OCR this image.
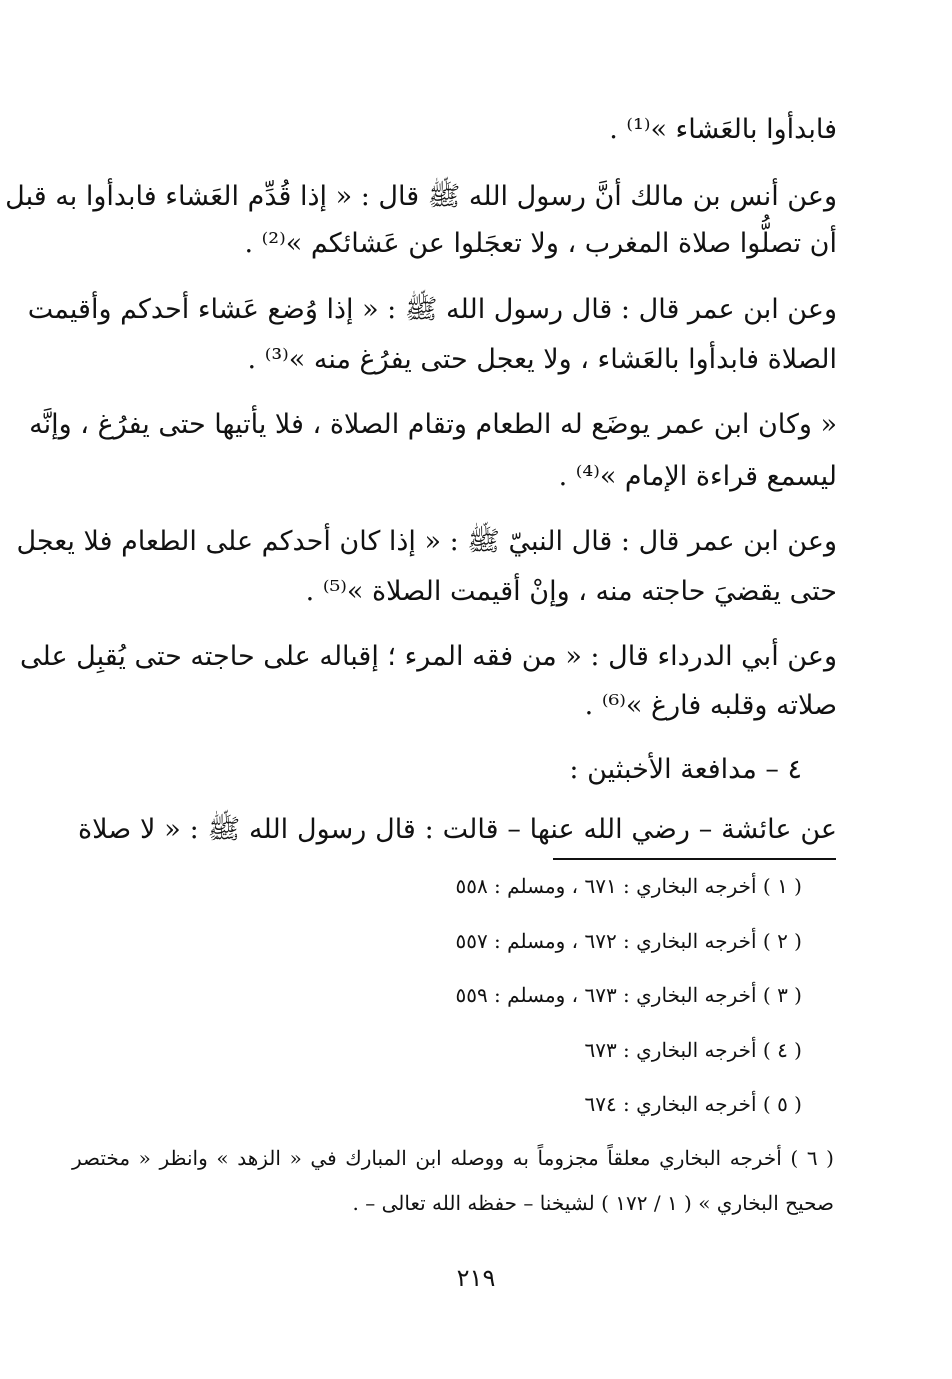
فابدأوا بالعَشاء »⁽¹⁾ .
وعن أنس بن مالك أنَّ رسول الله ﷺ قال : « إذا قُدِّم العَشاء فابدأوا به قبل
أن تصلُّوا صلاة المغرب ، ولا تعجَلوا عن عَشائكم »⁽²⁾ .
وعن ابن عمر قال : قال رسول الله ﷺ : « إذا وُضع عَشاء أحدكم وأقيمت
الصلاة فابدأوا بالعَشاء ، ولا يعجل حتى يفرُغ منه »⁽³⁾ .
« وكان ابن عمر يوضَع له الطعام وتقام الصلاة ، فلا يأتيها حتى يفرُغ ، وإنَّه
ليسمع قراءة الإمام »⁽⁴⁾ .
وعن ابن عمر قال : قال النبيّ ﷺ : « إذا كان أحدكم على الطعام فلا يعجل
حتى يقضيَ حاجته منه ، وإنْ أقيمت الصلاة »⁽⁵⁾ .
وعن أبي الدرداء قال : « من فقه المرء ؛ إقباله على حاجته حتى يُقبِل على
صلاته وقلبه فارغ »⁽⁶⁾ .
٤ – مدافعة الأخبثين :
عن عائشة – رضي الله عنها – قالت : قال رسول الله ﷺ : « لا صلاة
( ١ ) أخرجه البخاري : ٦٧١ ، ومسلم : ٥٥٨
( ٢ ) أخرجه البخاري : ٦٧٢ ، ومسلم : ٥٥٧
( ٣ ) أخرجه البخاري : ٦٧٣ ، ومسلم : ٥٥٩
( ٤ ) أخرجه البخاري : ٦٧٣
( ٥ ) أخرجه البخاري : ٦٧٤
( ٦ ) أخرجه البخاري معلقاً مجزوماً به ووصله ابن المبارك في « الزهد » وانظر « مختصر
صحيح البخاري » ( ١ / ١٧٢ ) لشيخنا – حفظه الله تعالى – .
٢١٩
